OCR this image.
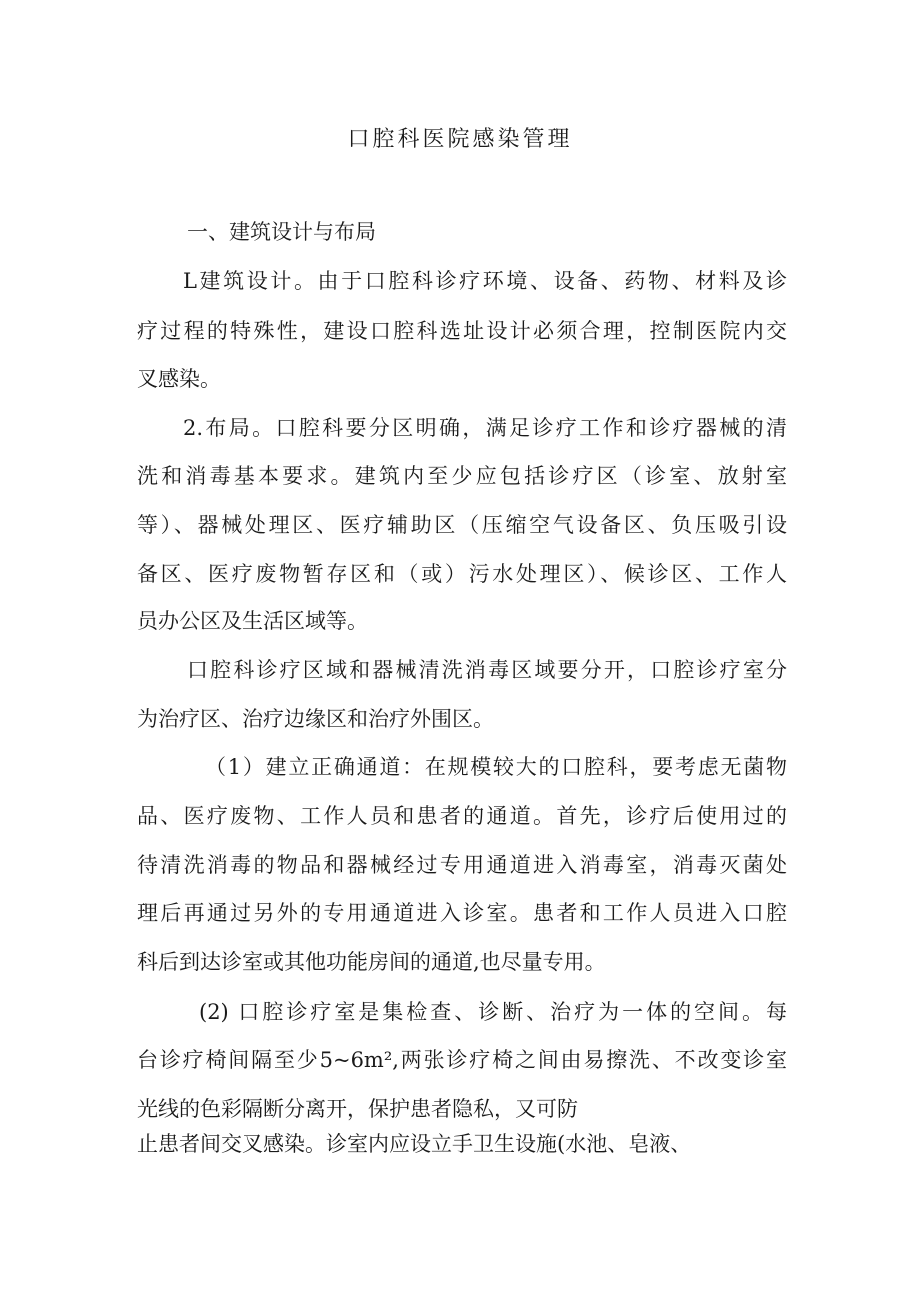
口腔科医院感染管理
一、建筑设计与布局
L建筑设计。由于口腔科诊疗环境、设备、药物、材料及诊
疗过程的特殊性，建设口腔科选址设计必须合理，控制医院内交
叉感染。
2.布局。口腔科要分区明确，满足诊疗工作和诊疗器械的清
洗和消毒基本要求。建筑内至少应包括诊疗区（诊室、放射室
等）、器械处理区、医疗辅助区（压缩空气设备区、负压吸引设
备区、医疗废物暂存区和（或）污水处理区）、候诊区、工作人
员办公区及生活区域等。
口腔科诊疗区域和器械清洗消毒区域要分开，口腔诊疗室分
为治疗区、治疗边缘区和治疗外围区。
（1）建立正确通道：在规模较大的口腔科，要考虑无菌物
品、医疗废物、工作人员和患者的通道。首先，诊疗后使用过的
待清洗消毒的物品和器械经过专用通道进入消毒室，消毒灭菌处
理后再通过另外的专用通道进入诊室。患者和工作人员进入口腔
科后到达诊室或其他功能房间的通道,也尽量专用。
(2) 口腔诊疗室是集检查、诊断、治疗为一体的空间。每
台诊疗椅间隔至少5~6m²,两张诊疗椅之间由易擦洗、不改变诊室
光线的色彩隔断分离开，保护患者隐私，又可防
止患者间交叉感染。诊室内应设立手卫生设施(水池、皂液、
